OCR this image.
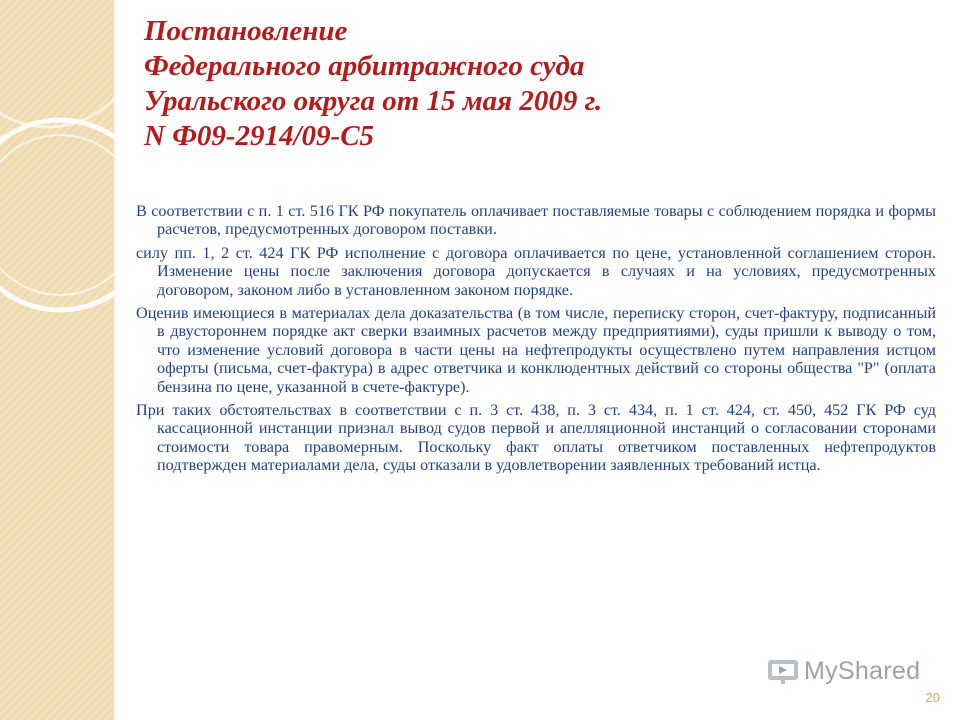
Постановление
Федерального арбитражного суда
Уральского округа от 15 мая 2009 г.
N Ф09-2914/09-С5

В соответствии с п. 1 ст. 516 ГК РФ покупатель оплачивает поставляемые товары с соблюдением порядка и формы расчетов, предусмотренных договором поставки.

силу пп. 1, 2 ст. 424 ГК РФ исполнение с договора оплачивается по цене, установленной соглашением сторон. Изменение цены после заключения договора допускается в случаях и на условиях, предусмотренных договором, законом либо в установленном законом порядке.

Оценив имеющиеся в материалах дела доказательства (в том числе, переписку сторон, счет-фактуру, подписанный в двустороннем порядке акт сверки взаимных расчетов между предприятиями), суды пришли к выводу о том, что изменение условий договора в части цены на нефтепродукты осуществлено путем направления истцом оферты (письма, счет-фактура) в адрес ответчика и конклюдентных действий со стороны общества "Р" (оплата бензина по цене, указанной в счете-фактуре).

При таких обстоятельствах в соответствии с п. 3 ст. 438, п. 3 ст. 434, п. 1 ст. 424, ст. 450, 452 ГК РФ суд кассационной инстанции признал вывод судов первой и апелляционной инстанций о согласовании сторонами стоимости товара правомерным. Поскольку факт оплаты ответчиком поставленных нефтепродуктов подтвержден материалами дела, суды отказали в удовлетворении заявленных требований истца.

MyShared
20
